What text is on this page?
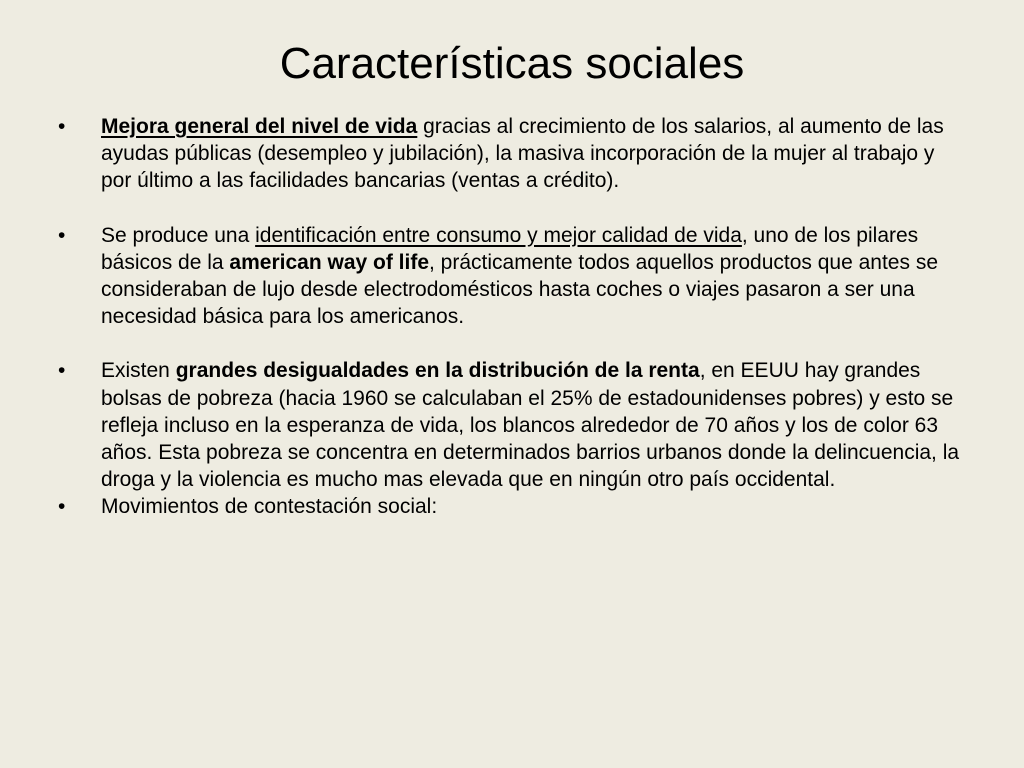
Características sociales
• Mejora general del nivel de vida gracias al crecimiento de los salarios, al aumento de las ayudas públicas (desempleo y jubilación), la masiva incorporación de la mujer al trabajo y por último a las facilidades bancarias (ventas a crédito).
• Se produce una identificación entre consumo y mejor calidad de vida, uno de los pilares básicos de la american way of life, prácticamente todos aquellos productos que antes se consideraban de lujo desde electrodomésticos hasta coches o viajes pasaron a ser una necesidad básica para los americanos.
• Existen grandes desigualdades en la distribución de la renta, en EEUU hay grandes bolsas de pobreza (hacia 1960 se calculaban el 25% de estadounidenses pobres) y esto se refleja incluso en la esperanza de vida, los blancos alrededor de 70 años y los de color 63 años. Esta pobreza se concentra en determinados barrios urbanos donde la delincuencia, la droga y la violencia es mucho mas elevada que en ningún otro país occidental.
• Movimientos de contestación social:
